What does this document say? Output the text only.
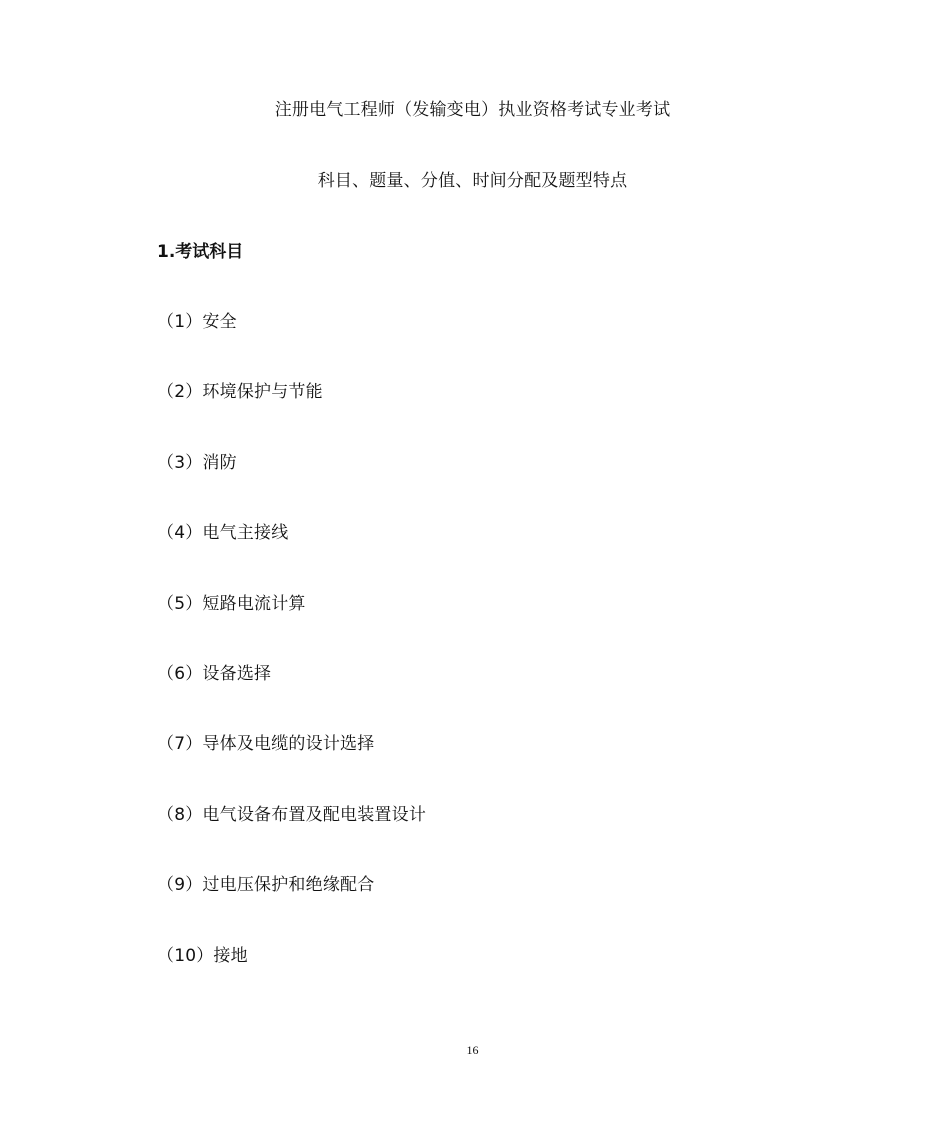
注册电气工程师（发输变电）执业资格考试专业考试
科目、题量、分值、时间分配及题型特点
1.考试科目
（1）安全
（2）环境保护与节能
（3）消防
（4）电气主接线
（5）短路电流计算
（6）设备选择
（7）导体及电缆的设计选择
（8）电气设备布置及配电装置设计
（9）过电压保护和绝缘配合
（10）接地
16
